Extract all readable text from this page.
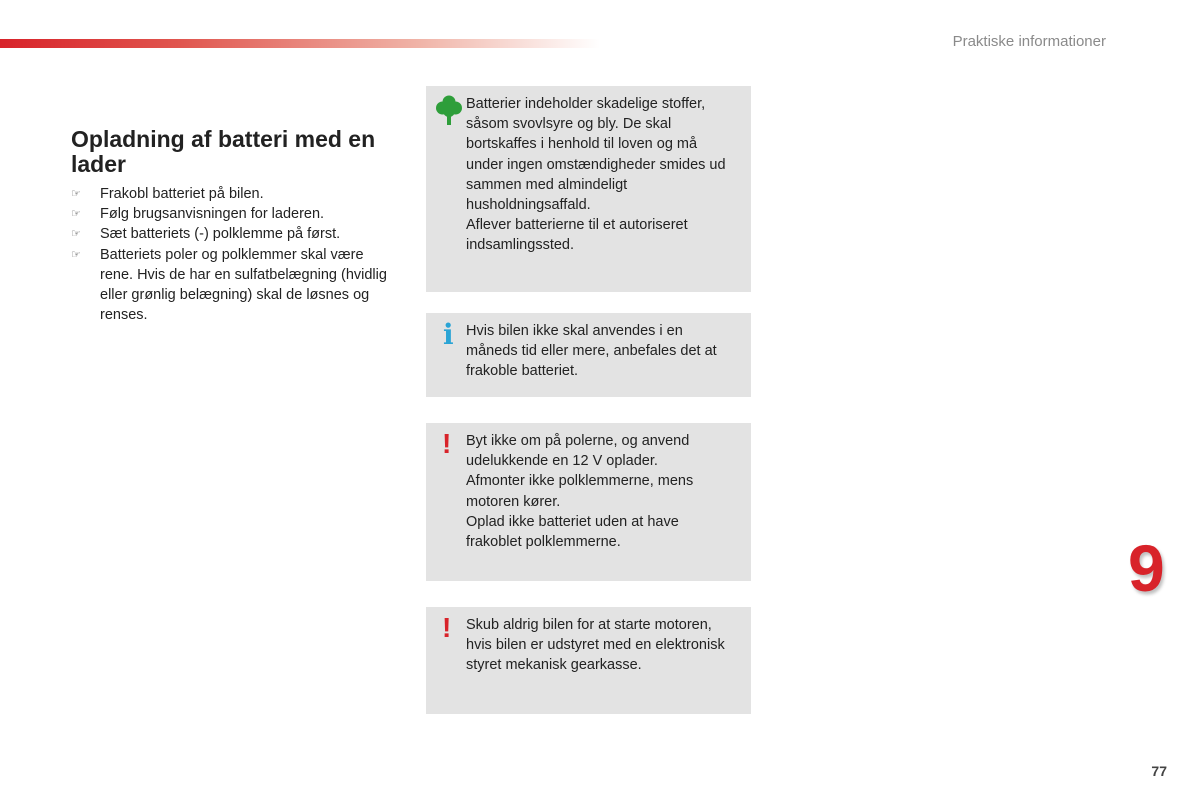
Praktiske informationer
Opladning af batteri med en lader
☞ Frakobl batteriet på bilen.
☞ Følg brugsanvisningen for laderen.
☞ Sæt batteriets (-) polklemme på først.
☞ Batteriets poler og polklemmer skal være rene. Hvis de har en sulfatbelægning (hvidlig eller grønlig belægning) skal de løsnes og renses.

Batterier indeholder skadelige stoffer, såsom svovlsyre og bly. De skal bortskaffes i henhold til loven og må under ingen omstændigheder smides ud sammen med almindeligt husholdningsaffald.

Aflever batterierne til et autoriseret indsamlingssted.

i Hvis bilen ikke skal anvendes i en måneds tid eller mere, anbefales det at frakoble batteriet.

! Byt ikke om på polerne, og anvend udelukkende en 12 V oplader.

Afmonter ikke polklemmerne, mens motoren kører.

Oplad ikke batteriet uden at have frakoblet polklemmerne.

! Skub aldrig bilen for at starte motoren, hvis bilen er udstyret med en elektronisk styret mekanisk gearkasse.

9
77
